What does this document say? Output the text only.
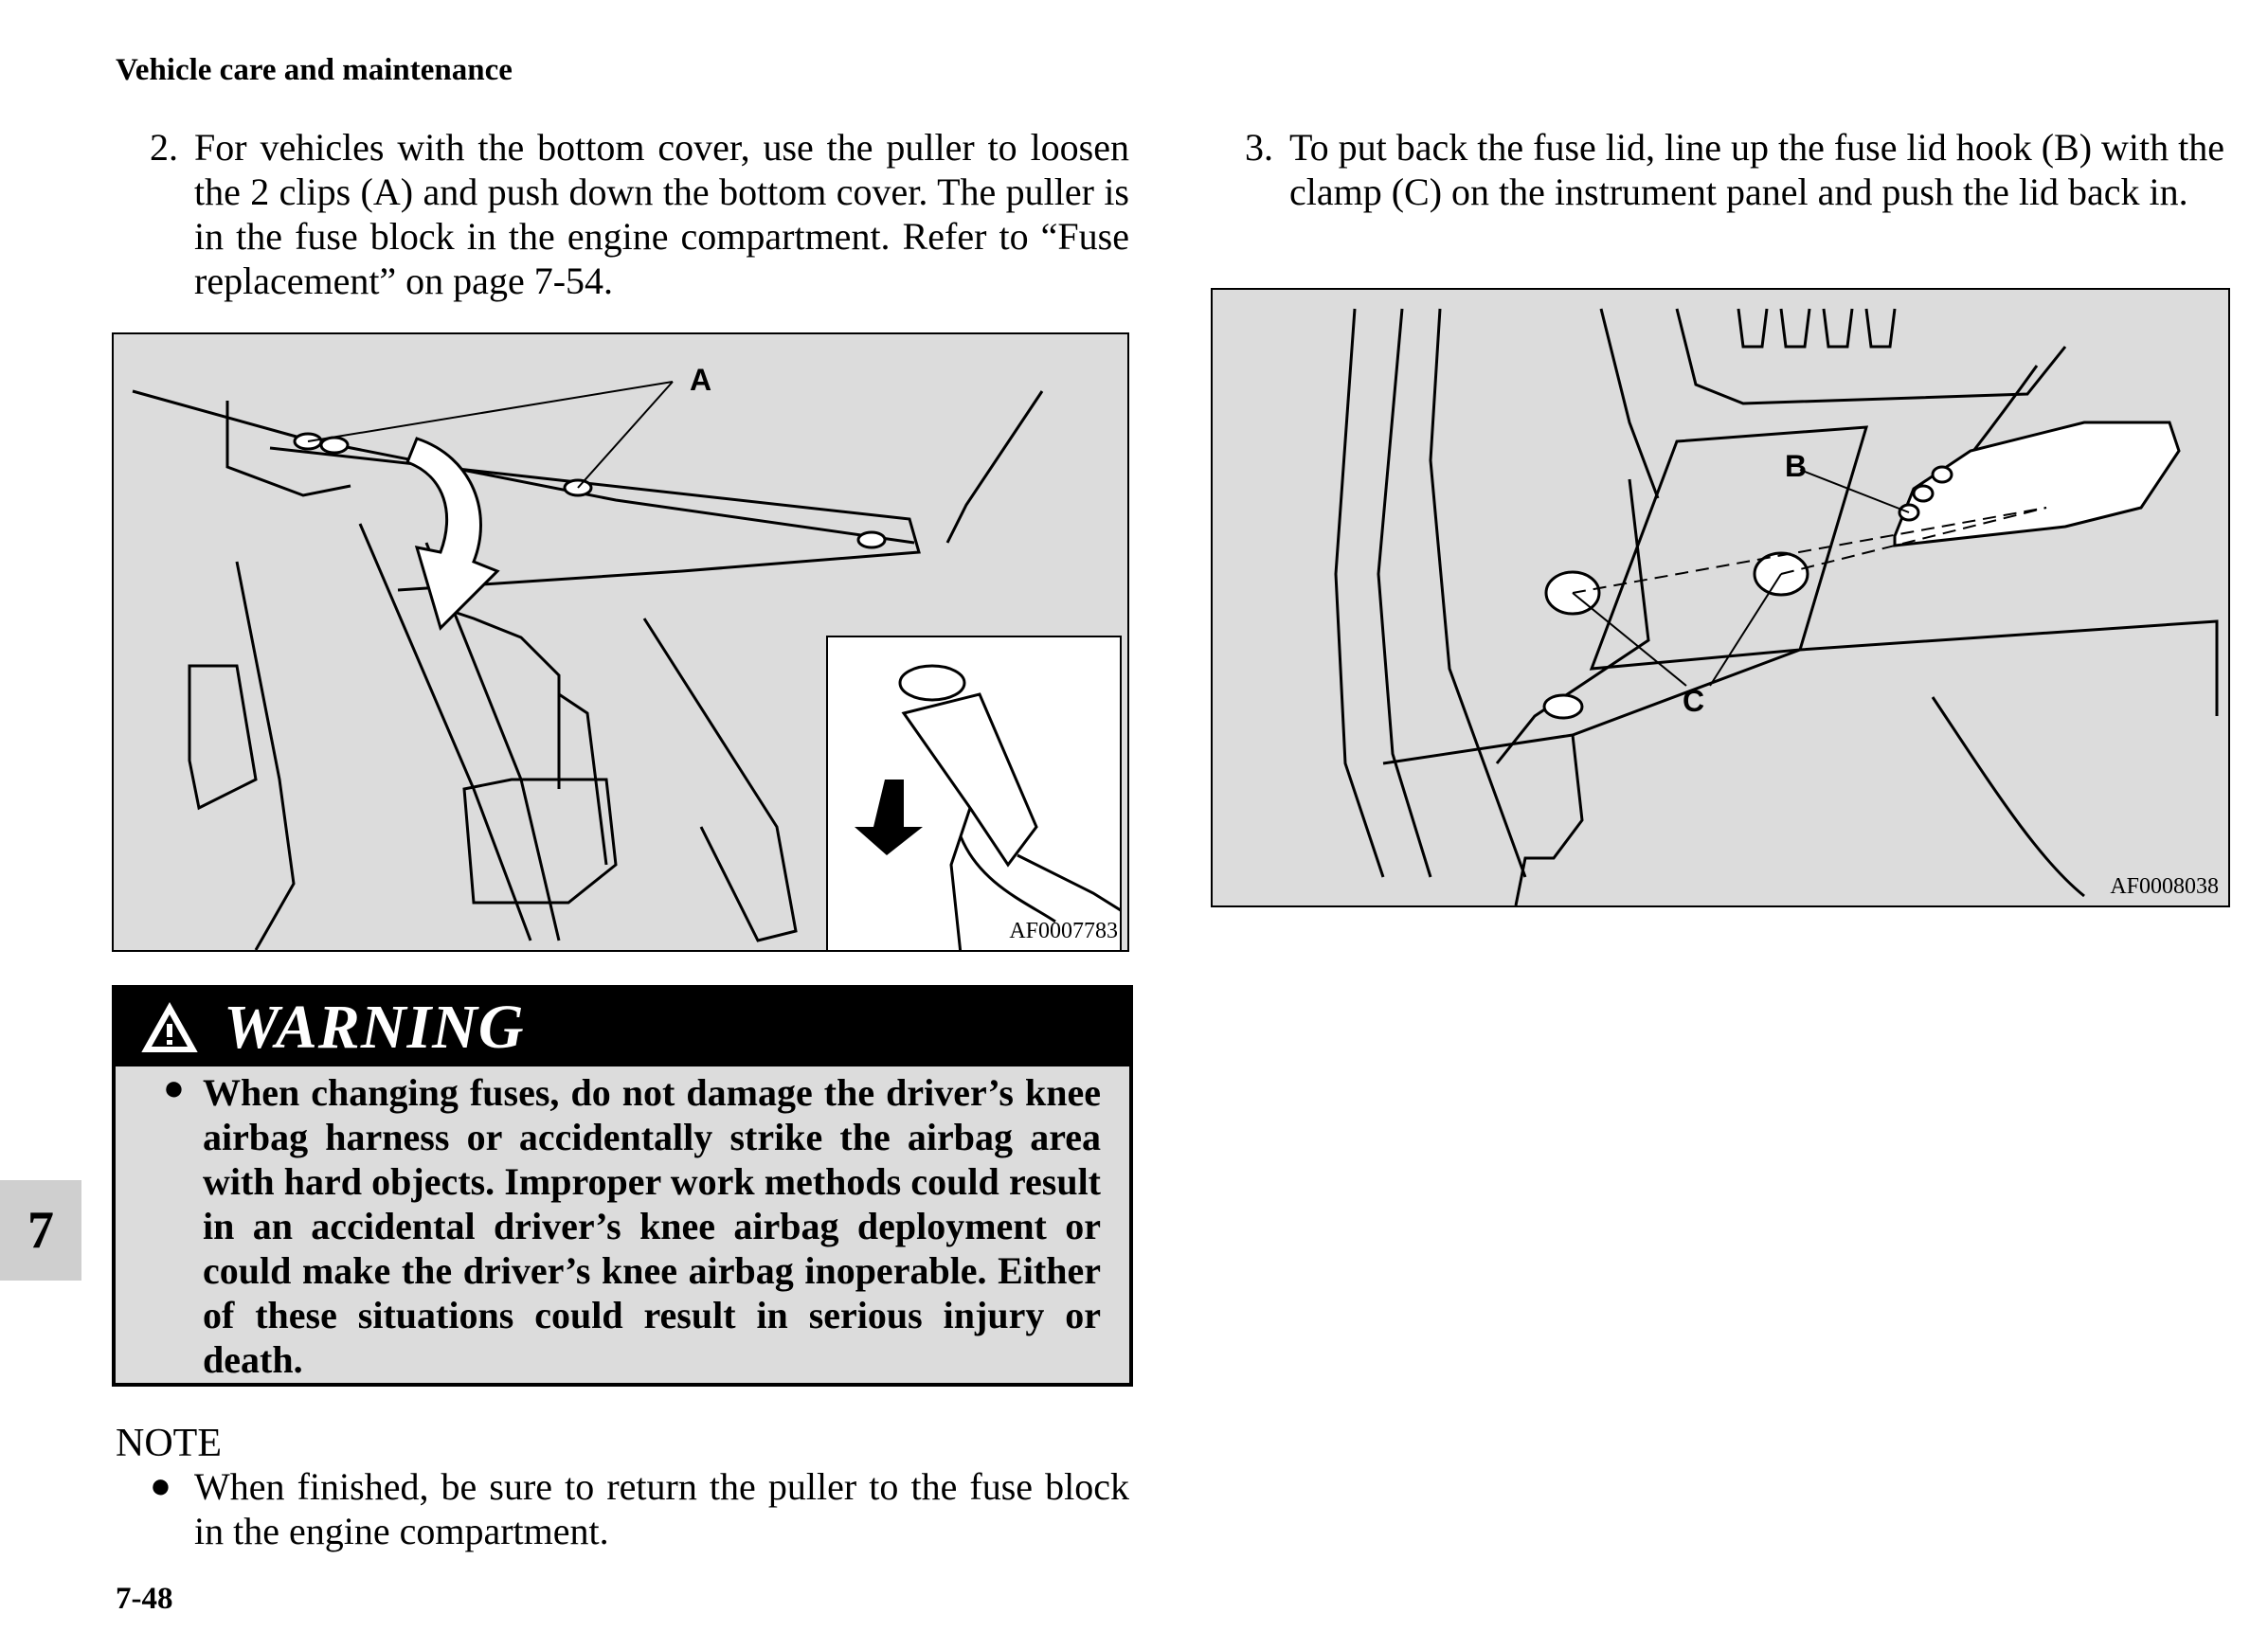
Vehicle care and maintenance
2. For vehicles with the bottom cover, use the puller to loosen the 2 clips (A) and push down the bottom cover. The puller is in the fuse block in the engine compartment. Refer to “Fuse replacement” on page 7-54.
3. To put back the fuse lid, line up the fuse lid hook (B) with the clamp (C) on the instrument panel and push the lid back in.
A
AF0007783
B
C
AF0008038
WARNING
● When changing fuses, do not damage the driver’s knee airbag harness or accidentally strike the airbag area with hard objects. Improper work methods could result in an accidental driver’s knee airbag deployment or could make the driver’s knee airbag inoperable. Either of these situations could result in serious injury or death.
NOTE
● When finished, be sure to return the puller to the fuse block in the engine compartment.
7
7-48
